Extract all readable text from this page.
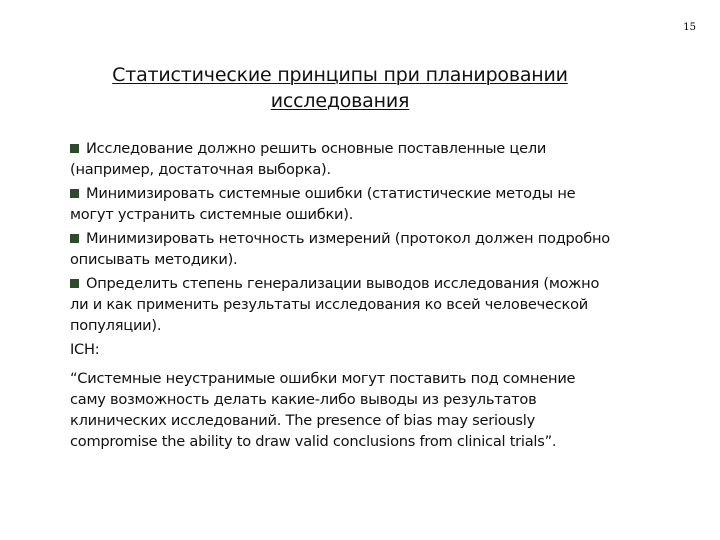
15
Статистические принципы при планировании
исследования
Исследование должно решить основные поставленные цели
(например, достаточная выборка).
Минимизировать системные ошибки (статистические методы не
могут устранить системные ошибки).
Минимизировать неточность измерений (протокол должен подробно
описывать методики).
Определить степень генерализации выводов исследования (можно
ли и как применить результаты исследования ко всей человеческой
популяции).
ICH:
“Системные неустранимые ошибки могут поставить под сомнение
саму возможность делать какие-либо выводы из результатов
клинических исследований. The presence of bias may seriously
compromise the ability to draw valid conclusions from clinical trials”.
